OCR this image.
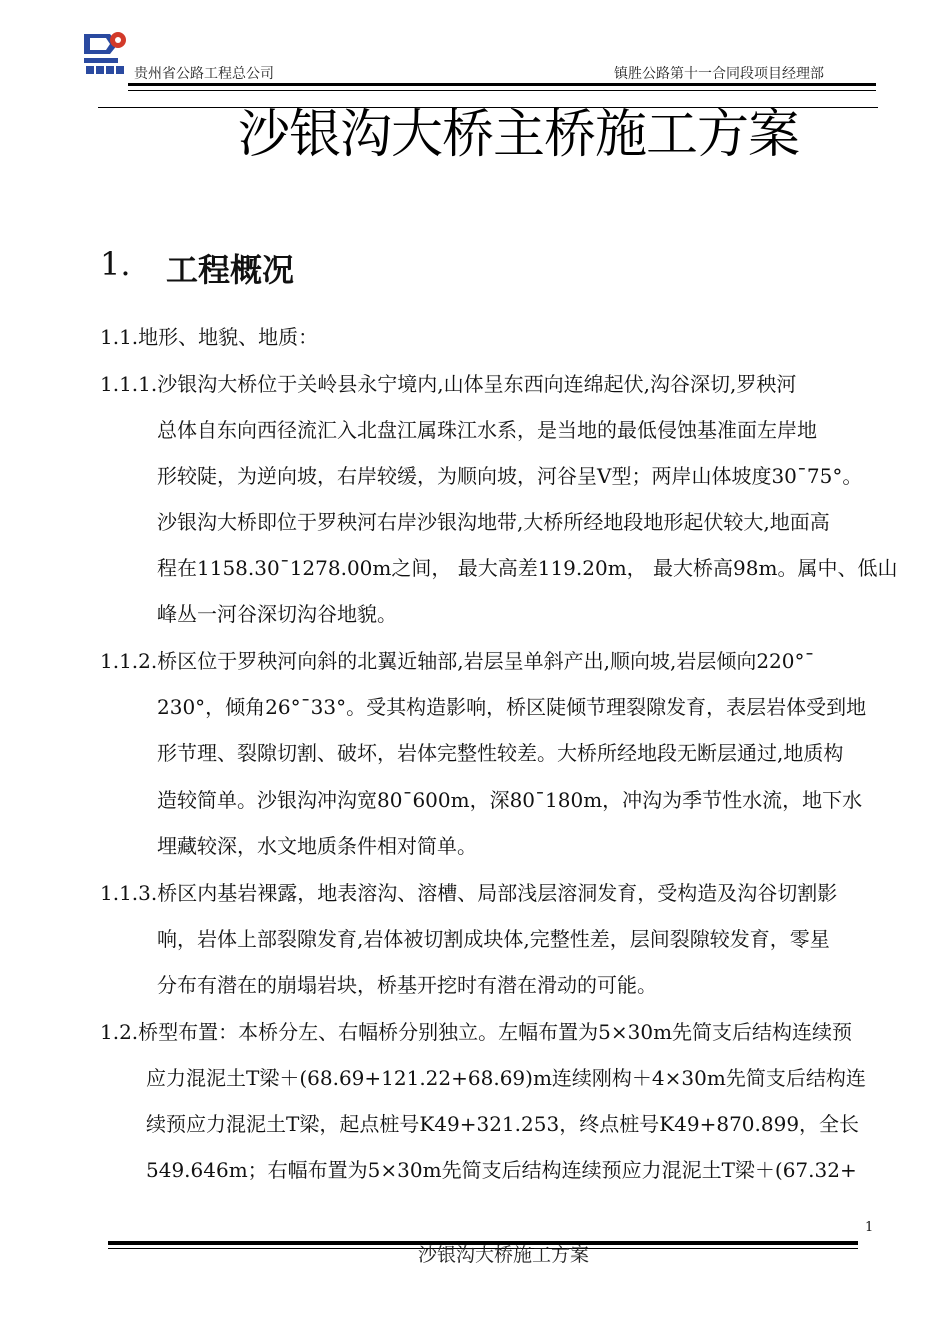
贵州省公路工程总公司	镇胜公路第十一合同段项目经理部
沙银沟大桥主桥施工方案
1. 工程概况
1.1.地形、地貌、地质：
1.1.1.沙银沟大桥位于关岭县永宁境内,山体呈东西向连绵起伏,沟谷深切,罗秧河
总体自东向西径流汇入北盘江属珠江水系，是当地的最低侵蚀基准面左岸地
形较陡，为逆向坡，右岸较缓，为顺向坡，河谷呈V型；两岸山体坡度30¯75°。
沙银沟大桥即位于罗秧河右岸沙银沟地带,大桥所经地段地形起伏较大,地面高
程在1158.30¯1278.00m之间， 最大高差119.20m， 最大桥高98m。属中、低山
峰丛一河谷深切沟谷地貌。
1.1.2.桥区位于罗秧河向斜的北翼近轴部,岩层呈单斜产出,顺向坡,岩层倾向220°¯
230°，倾角26°¯33°。受其构造影响，桥区陡倾节理裂隙发育，表层岩体受到地
形节理、裂隙切割、破坏，岩体完整性较差。大桥所经地段无断层通过,地质构
造较简单。沙银沟冲沟宽80¯600m，深80¯180m，冲沟为季节性水流，地下水
埋藏较深，水文地质条件相对简单。
1.1.3.桥区内基岩裸露，地表溶沟、溶槽、局部浅层溶洞发育，受构造及沟谷切割影
响，岩体上部裂隙发育,岩体被切割成块体,完整性差，层间裂隙较发育，零星
分布有潜在的崩塌岩块，桥基开挖时有潜在滑动的可能。
1.2.桥型布置：本桥分左、右幅桥分别独立。左幅布置为5×30m先简支后结构连续预
应力混泥土T梁＋(68.69+121.22+68.69)m连续刚构＋4×30m先简支后结构连
续预应力混泥土T梁，起点桩号K49+321.253，终点桩号K49+870.899，全长
549.646m；右幅布置为5×30m先简支后结构连续预应力混泥土T梁＋(67.32+
1
沙银沟大桥施工方案
